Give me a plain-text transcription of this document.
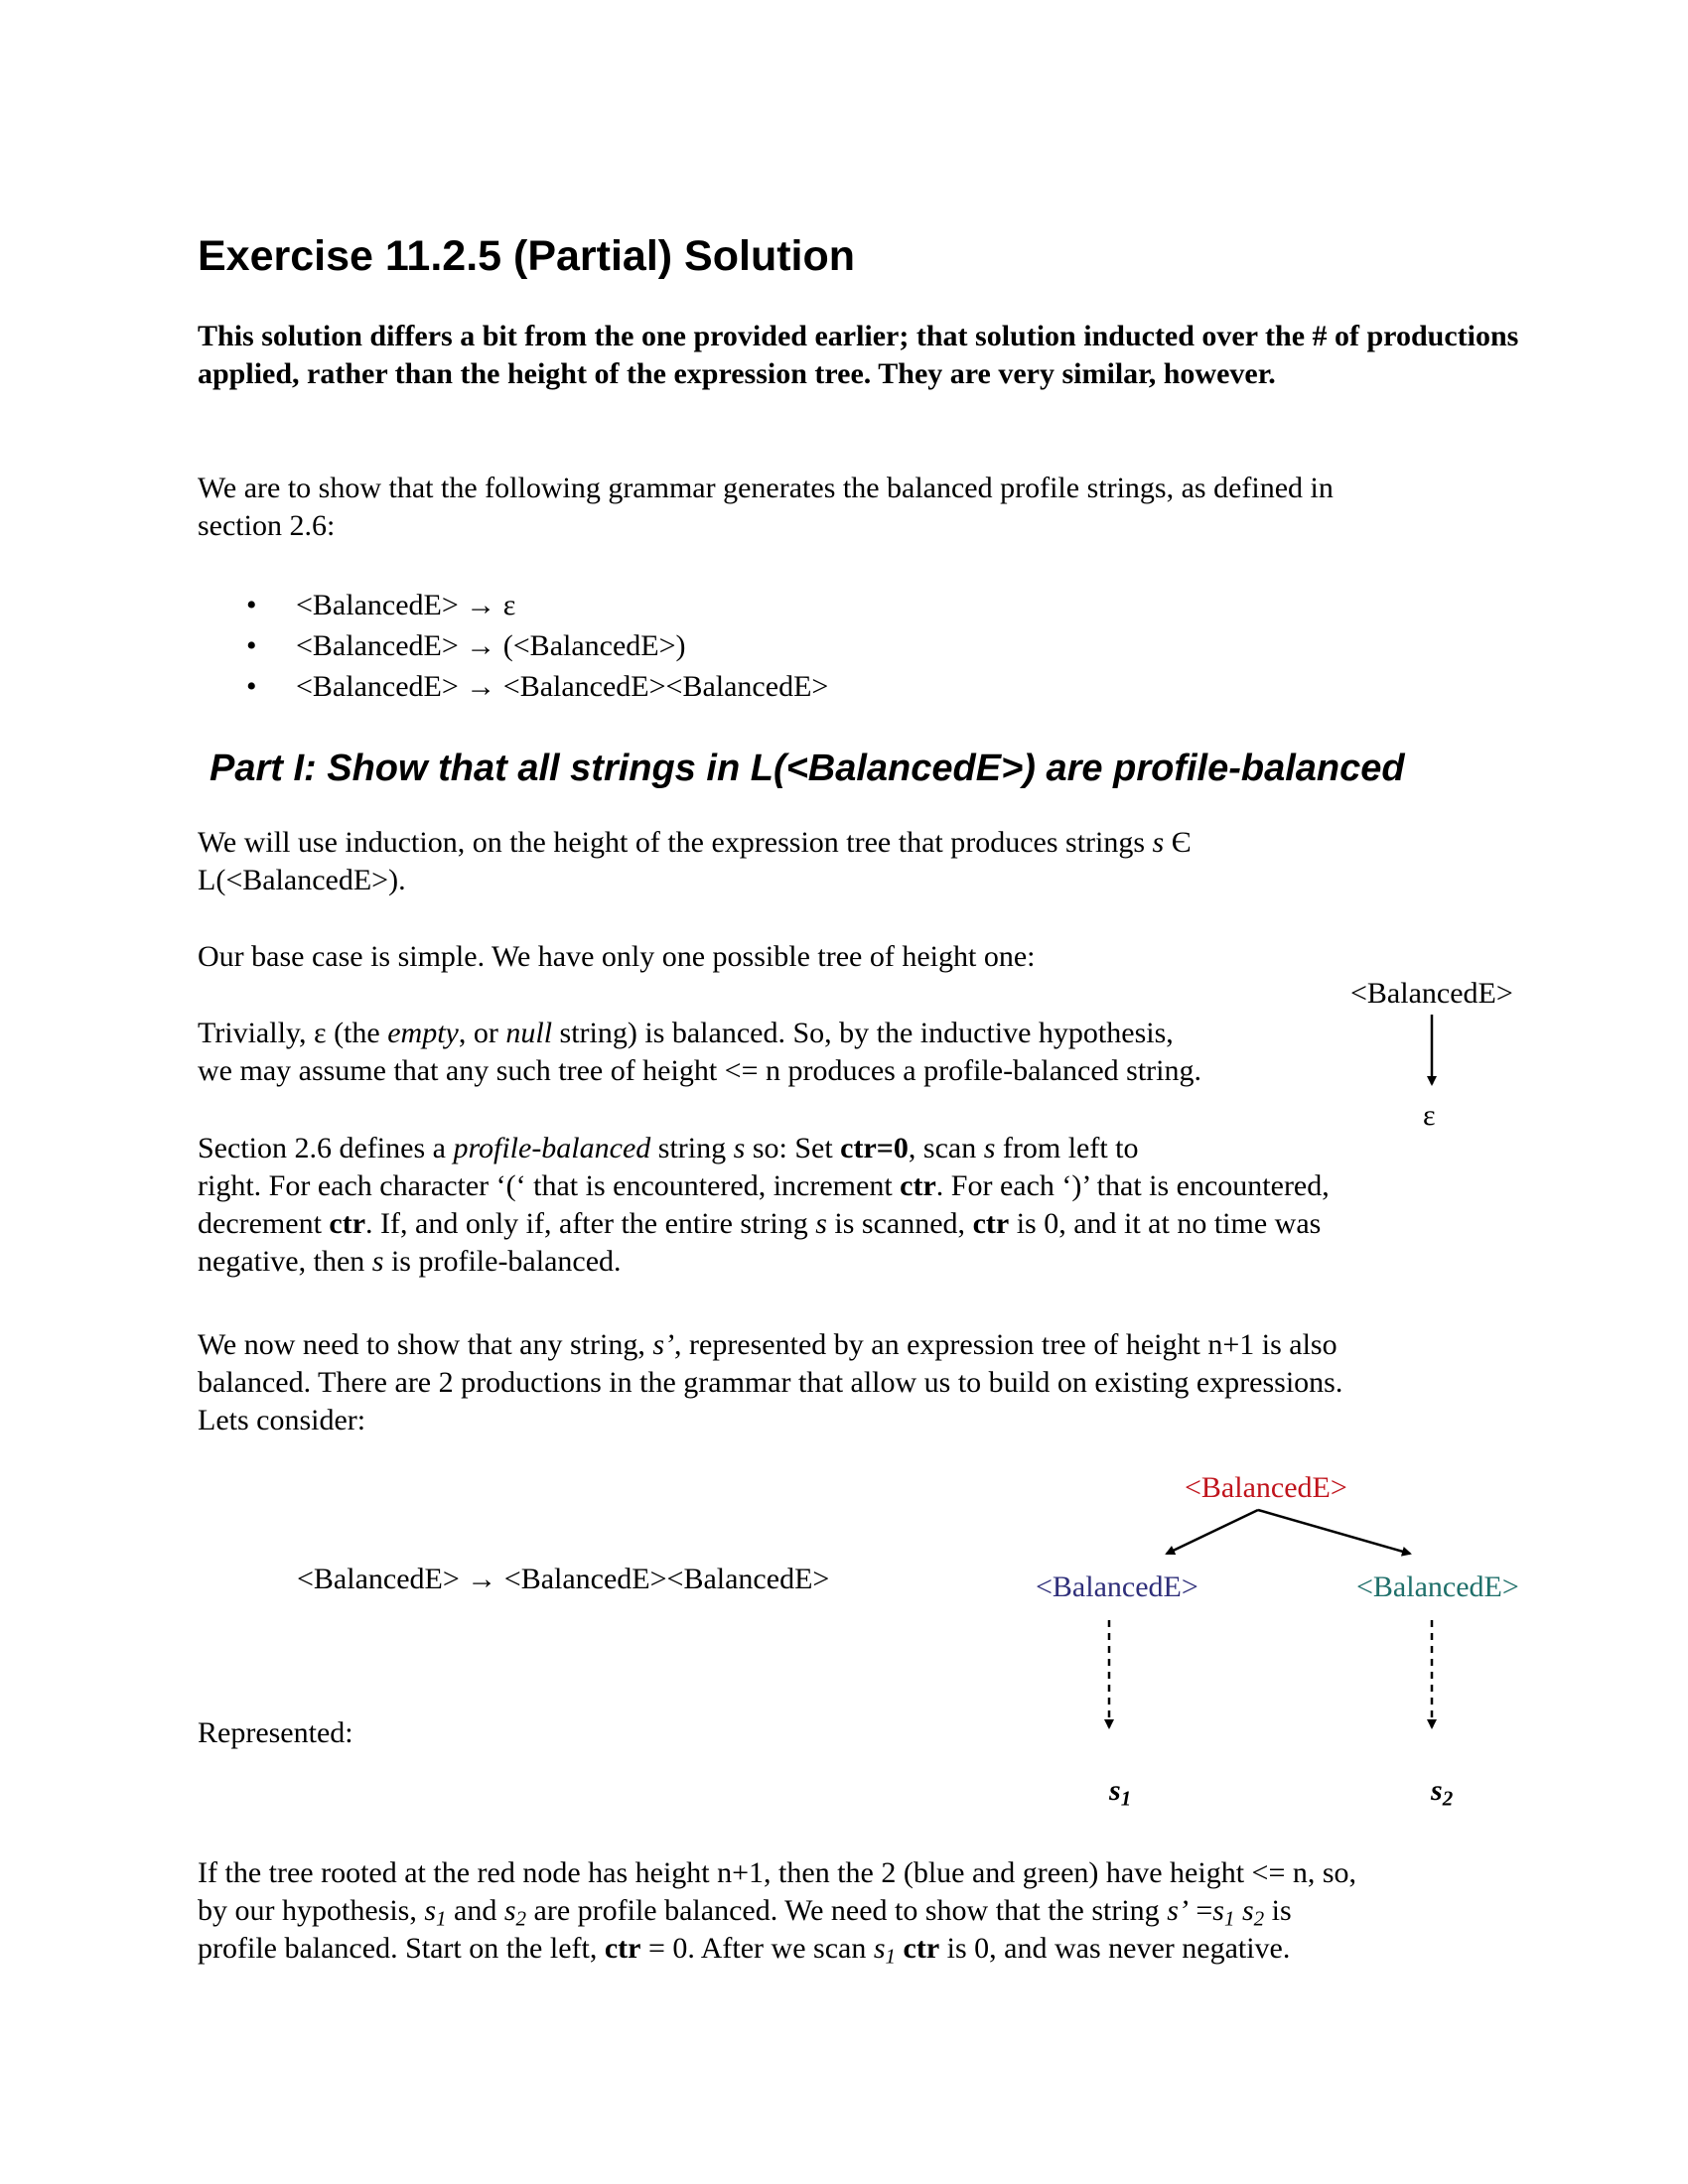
Exercise 11.2.5 (Partial) Solution
This solution differs a bit from the one provided earlier; that solution inducted over the # of productions applied, rather than the height of the expression tree. They are very similar, however.
We are to show that the following grammar generates the balanced profile strings, as defined in
section 2.6:
• <BalancedE> → ε
• <BalancedE> → (<BalancedE>)
• <BalancedE> → <BalancedE><BalancedE>
Part I: Show that all strings in L(<BalancedE>) are profile-balanced
We will use induction, on the height of the expression tree that produces strings s Є
L(<BalancedE>).
Our base case is simple. We have only one possible tree of height one:
<BalancedE>
ε
Trivially, ε (the empty, or null string) is balanced. So, by the inductive hypothesis,
we may assume that any such tree of height <= n produces a profile-balanced string.
Section 2.6 defines a profile-balanced string s so: Set ctr=0, scan s from left to
right. For each character ‘(‘ that is encountered, increment ctr. For each ‘)’ that is encountered,
decrement ctr. If, and only if, after the entire string s is scanned, ctr is 0, and it at no time was
negative, then s is profile-balanced.
We now need to show that any string, s’, represented by an expression tree of height n+1 is also
balanced. There are 2 productions in the grammar that allow us to build on existing expressions.
Lets consider:
<BalancedE> → <BalancedE><BalancedE>
Represented:
<BalancedE>
<BalancedE>	<BalancedE>
$s_1$	$s_2$
If the tree rooted at the red node has height n+1, then the 2 (blue and green) have height <= n, so,
by our hypothesis, $s_1$ and $s_2$ are profile balanced. We need to show that the string s’ $=s_1$ $s_2$ is
profile balanced. Start on the left, ctr = 0. After we scan $s_1$ ctr is 0, and was never negative.
